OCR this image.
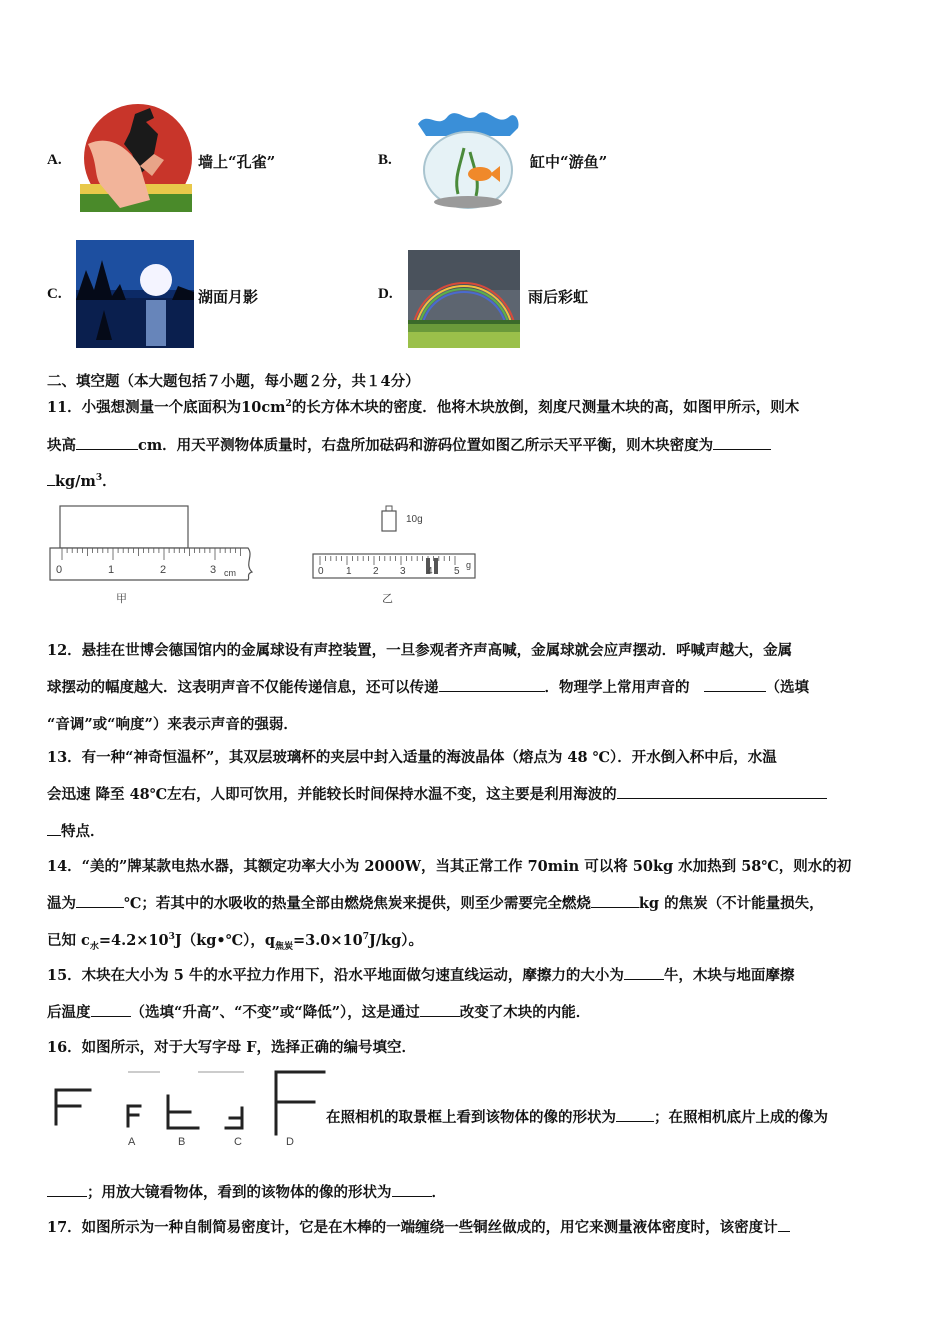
A.	墙上“孔雀”	B.	缸中“游鱼”
C.	湖面月影	D.	雨后彩虹
二、填空题（本大题包括７小题，每小题２分，共１4分）
11．小强想测量一个底面积为$10cm^2$的长方体木块的密度．他将木块放倒，刻度尺测量木块的高，如图甲所示，则木
块高	cm．用天平测物体质量时，右盘所加砝码和游码位置如图乙所示天平平衡，则木块密度为
$kg/m^3$．
0	1	2	3 cm
甲
10g
0 1 2 3 4 5
g
乙
12．悬挂在世博会德国馆内的金属球设有声控装置，一旦参观者齐声高喊，金属球就会应声摆动．呼喊声越大，金属
球摆动的幅度越大．这表明声音不仅能传递信息，还可以传递	．物理学上常用声音的	（选填
“音调”或“响度”）来表示声音的强弱．
13．有一种“神奇恒温杯”，其双层玻璃杯的夹层中封入适量的海波晶体（熔点为 48 ℃）．开水倒入杯中后，水温
会迅速 降至 48℃左右，人即可饮用，并能较长时间保持水温不变，这主要是利用海波的
特点．
14．“美的”牌某款电热水器，其额定功率大小为 2000W，当其正常工作 70min 可以将 50kg 水加热到 58℃，则水的初
温为	℃；若其中的水吸收的热量全部由燃烧焦炭来提供，则至少需要完全燃烧	kg 的焦炭（不计能量损失，
已知 $c_水=4.2\times 10^3J(kg•℃)$，$q_{焦炭}=3.0\times 10^7J/kg$）。
15．木块在大小为 5 牛的水平拉力作用下，沿水平地面做匀速直线运动，摩擦力的大小为	牛，木块与地面摩擦
后温度	（选填“升高”、“不变”或“降低”），这是通过	改变了木块的内能．
16．如图所示，对于大写字母 F，选择正确的编号填空．
A	B	C	D
在照相机的取景框上看到该物体的像的形状为	；在照相机底片上成的像为
；用放大镜看物体，看到的该物体的像的形状为	．
17．如图所示为一种自制简易密度计，它是在木棒的一端缠绕一些铜丝做成的，用它来测量液体密度时，该密度计
